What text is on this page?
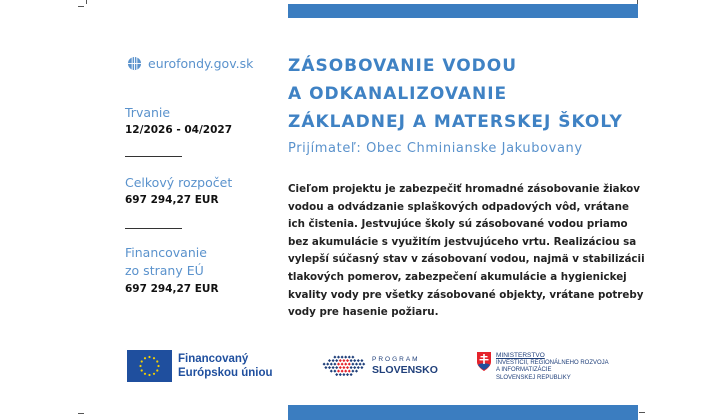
eurofondy.gov.sk
Trvanie
12/2026 - 04/2027
Celkový rozpočet
697 294,27 EUR
Financovanie
zo strany EÚ
697 294,27 EUR
ZÁSOBOVANIE VODOU
A ODKANALIZOVANIE
ZÁKLADNEJ A MATERSKEJ ŠKOLY
Prijímateľ: Obec Chminianske Jakubovany
Cieľom projektu je zabezpečiť hromadné zásobovanie žiakov
vodou a odvádzanie splaškových odpadových vôd, vrátane
ich čistenia. Jestvujúce školy sú zásobované vodou priamo
bez akumulácie s využitím jestvujúceho vrtu. Realizáciou sa
vylepší súčasný stav v zásobovaní vodou, najmä v stabilizácii
tlakových pomerov, zabezpečení akumulácie a hygienickej
kvality vody pre všetky zásobované objekty, vrátane potreby
vody pre hasenie požiaru.
Financovaný
Európskou úniou
PROGRAM
SLOVENSKO
MINISTERSTVO
INVESTÍCIÍ, REGIONÁLNEHO ROZVOJA
A INFORMATIZÁCIE
SLOVENSKEJ REPUBLIKY
